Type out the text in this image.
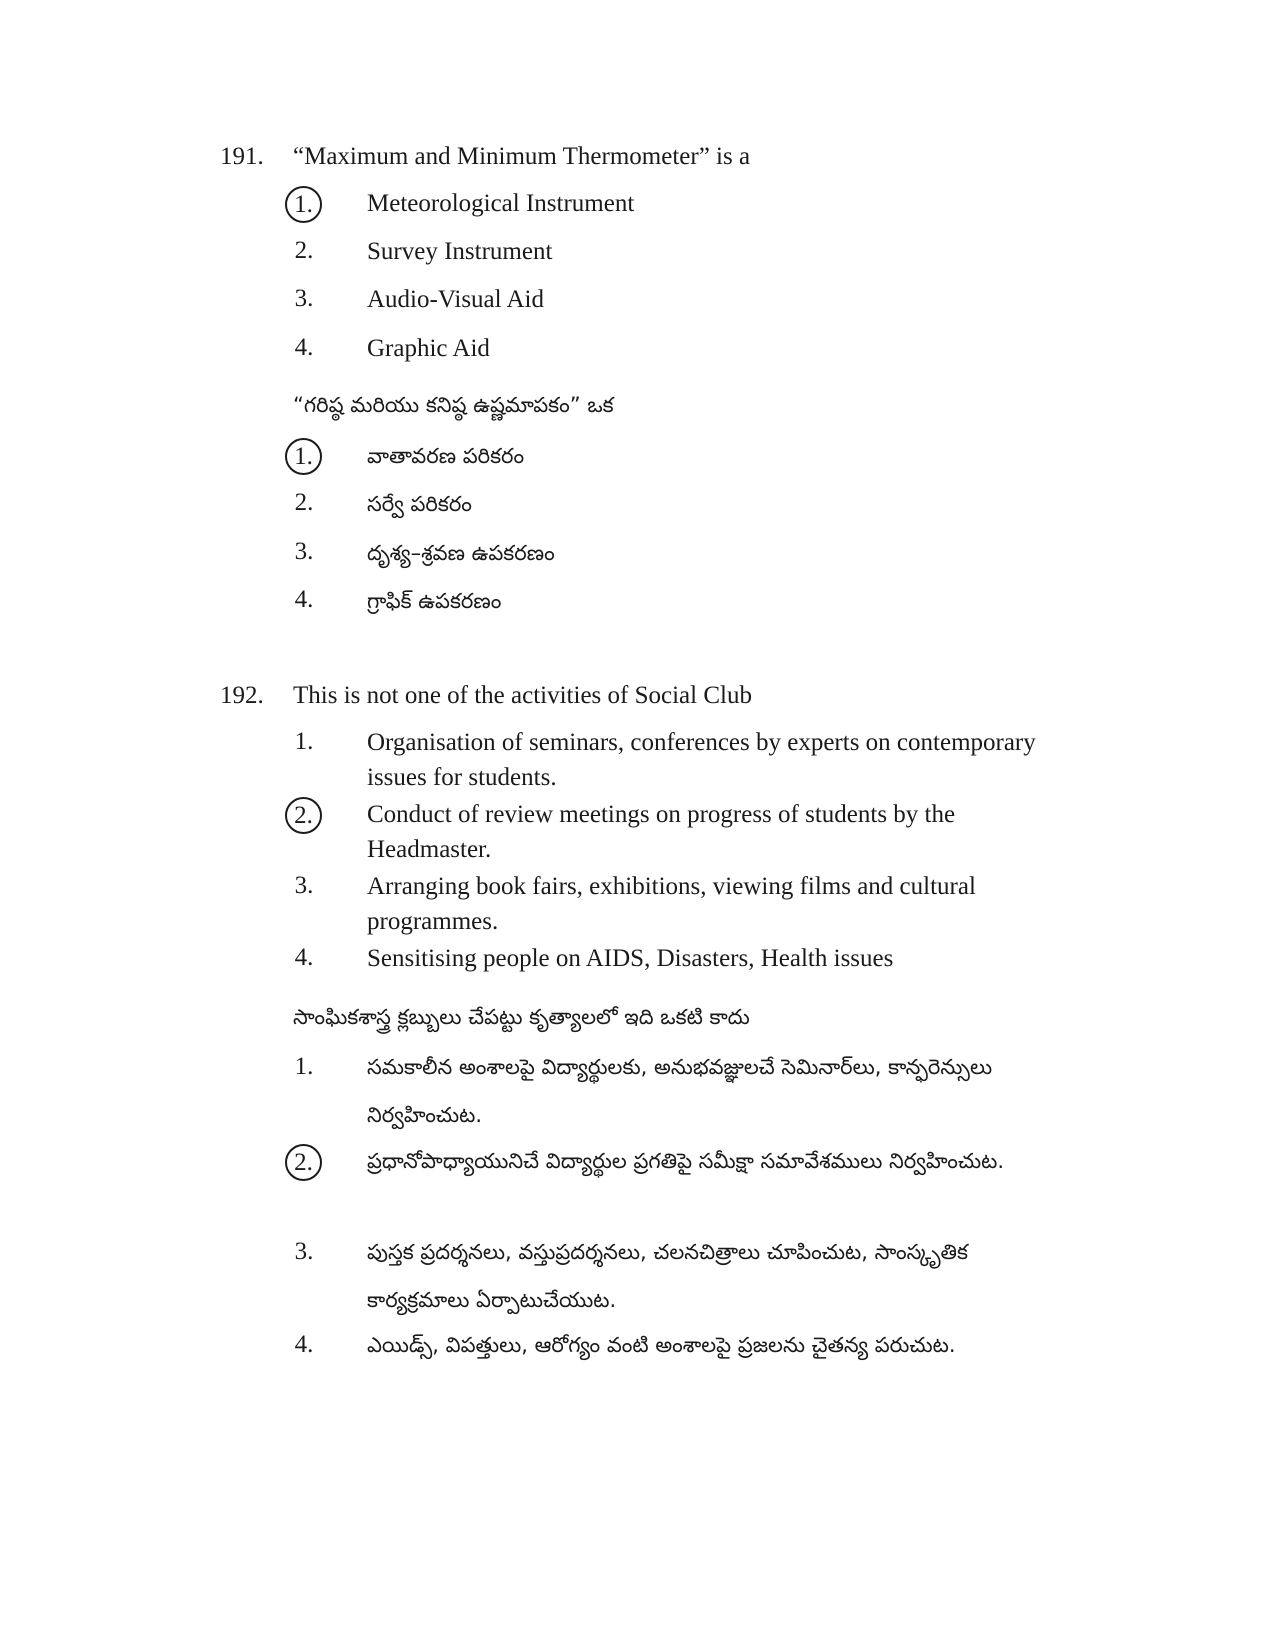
191. “Maximum and Minimum Thermometer” is a
1.	Meteorological Instrument
2.	Survey Instrument
3.	Audio-Visual Aid
4.	Graphic Aid
“గరిష్ఠ మరియు కనిష్ఠ ఉష్ణమాపకం” ఒక
1.	వాతావరణ పరికరం
2.	సర్వే పరికరం
3.	దృశ్య–శ్రవణ ఉపకరణం
4.	గ్రాఫిక్ ఉపకరణం
192. This is not one of the activities of Social Club
1.	Organisation of seminars, conferences by experts on contemporary issues for students.
2.	Conduct of review meetings on progress of students by the Headmaster.
3.	Arranging book fairs, exhibitions, viewing films and cultural programmes.
4.	Sensitising people on AIDS, Disasters, Health issues
సాంఘికశాస్త్ర క్లబ్బులు చేపట్టు కృత్యాలలో ఇది ఒకటి కాదు
1.	సమకాలీన అంశాలపై విద్యార్థులకు, అనుభవజ్ఞులచే సెమినార్‌లు, కాన్ఫరెన్సులు నిర్వహించుట.
2.	ప్రధానోపాధ్యాయునిచే విద్యార్థుల ప్రగతిపై సమీక్షా సమావేశములు నిర్వహించుట.
3.	పుస్తక ప్రదర్శనలు, వస్తుప్రదర్శనలు, చలనచిత్రాలు చూపించుట, సాంస్కృతిక కార్యక్రమాలు ఏర్పాటుచేయుట.
4.	ఎయిడ్స్, విపత్తులు, ఆరోగ్యం వంటి అంశాలపై ప్రజలను చైతన్య పరుచుట.
